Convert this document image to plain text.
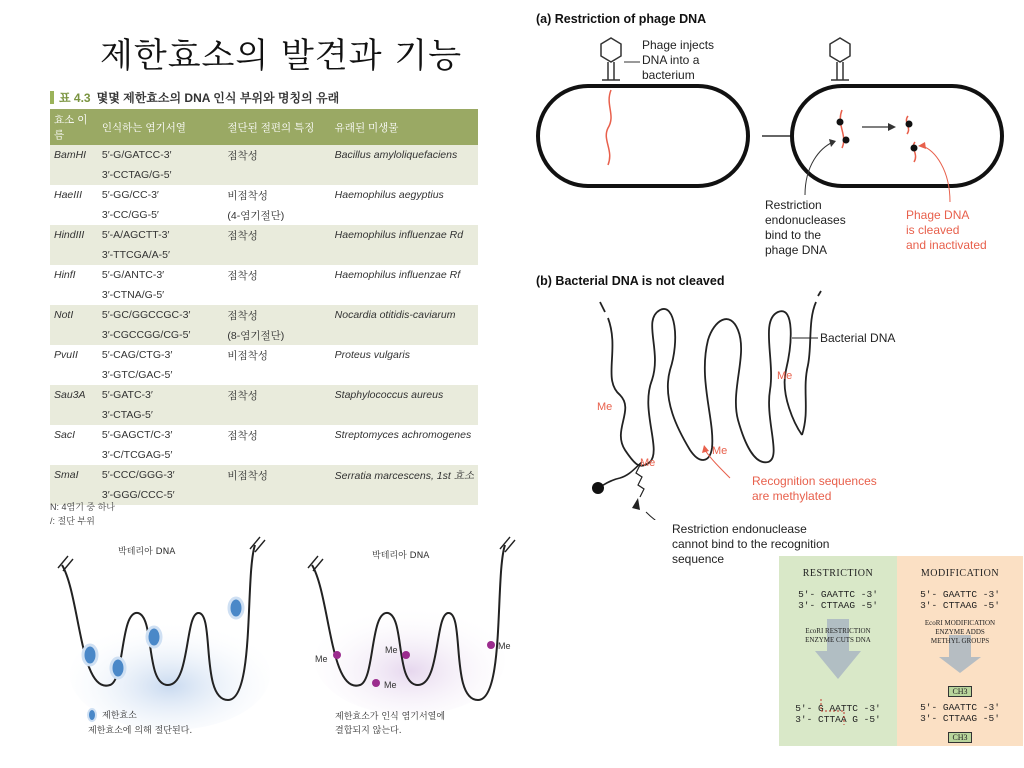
제한효소의 발견과 기능
표 4.3 몇몇 제한효소의 DNA 인식 부위와 명칭의 유래
효소 이름	인식하는 염기서열	절단된 절편의 특징	유래된 미생물
BamHI	5′-G/GATCC-3′	점착성	Bacillus amyloliquefaciens
	3′-CCTAG/G-5′		
HaeIII	5′-GG/CC-3′	비점착성	Haemophilus aegyptius
	3′-CC/GG-5′	(4-염기절단)	
HindIII	5′-A/AGCTT-3′	점착성	Haemophilus influenzae Rd
	3′-TTCGA/A-5′		
HinfI	5′-G/ANTC-3′	점착성	Haemophilus influenzae Rf
	3′-CTNA/G-5′		
NotI	5′-GC/GGCCGC-3′	점착성	Nocardia otitidis-caviarum
	3′-CGCCGG/CG-5′	(8-염기절단)	
PvuII	5′-CAG/CTG-3′	비점착성	Proteus vulgaris
	3′-GTC/GAC-5′		
Sau3A	5′-GATC-3′	점착성	Staphylococcus aureus
	3′-CTAG-5′		
SacI	5′-GAGCT/C-3′	점착성	Streptomyces achromogenes
	3′-C/TCGAG-5′		
SmaI	5′-CCC/GGG-3′	비점착성	Serratia marcescens, 1st 효소
	3′-GGG/CCC-5′		
N: 4염기 중 하나
/: 절단 부위
박테리아 DNA
제한효소
제한효소에 의해 절단된다.
Me
Me
Me	Me
박테리아 DNA
제한효소가 인식 염기서열에
결합되지 않는다.
(a) Restriction of phage DNA
Phage injects
DNA into a
bacterium
Restriction
endonucleases
bind to the
phage DNA
Phage DNA
is cleaved
and inactivated
(b) Bacterial DNA is not cleaved
Me
Me
Me
Me
Bacterial DNA
Recognition sequences
are methylated
Restriction endonuclease
cannot bind to the recognition
sequence
RESTRICTION
5'- GAATTC -3'
3'- CTTAAG -5'
EcoRI RESTRICTION
ENZYME CUTS DNA
5'- G AATTC -3'
3'- CTTAA G -5'
MODIFICATION
5'- GAATTC -3'
3'- CTTAAG -5'
EcoRI MODIFICATION
ENZYME ADDS
METHYL GROUPS
CH3
5'- GAATTC -3'
3'- CTTAAG -5'
CH3
